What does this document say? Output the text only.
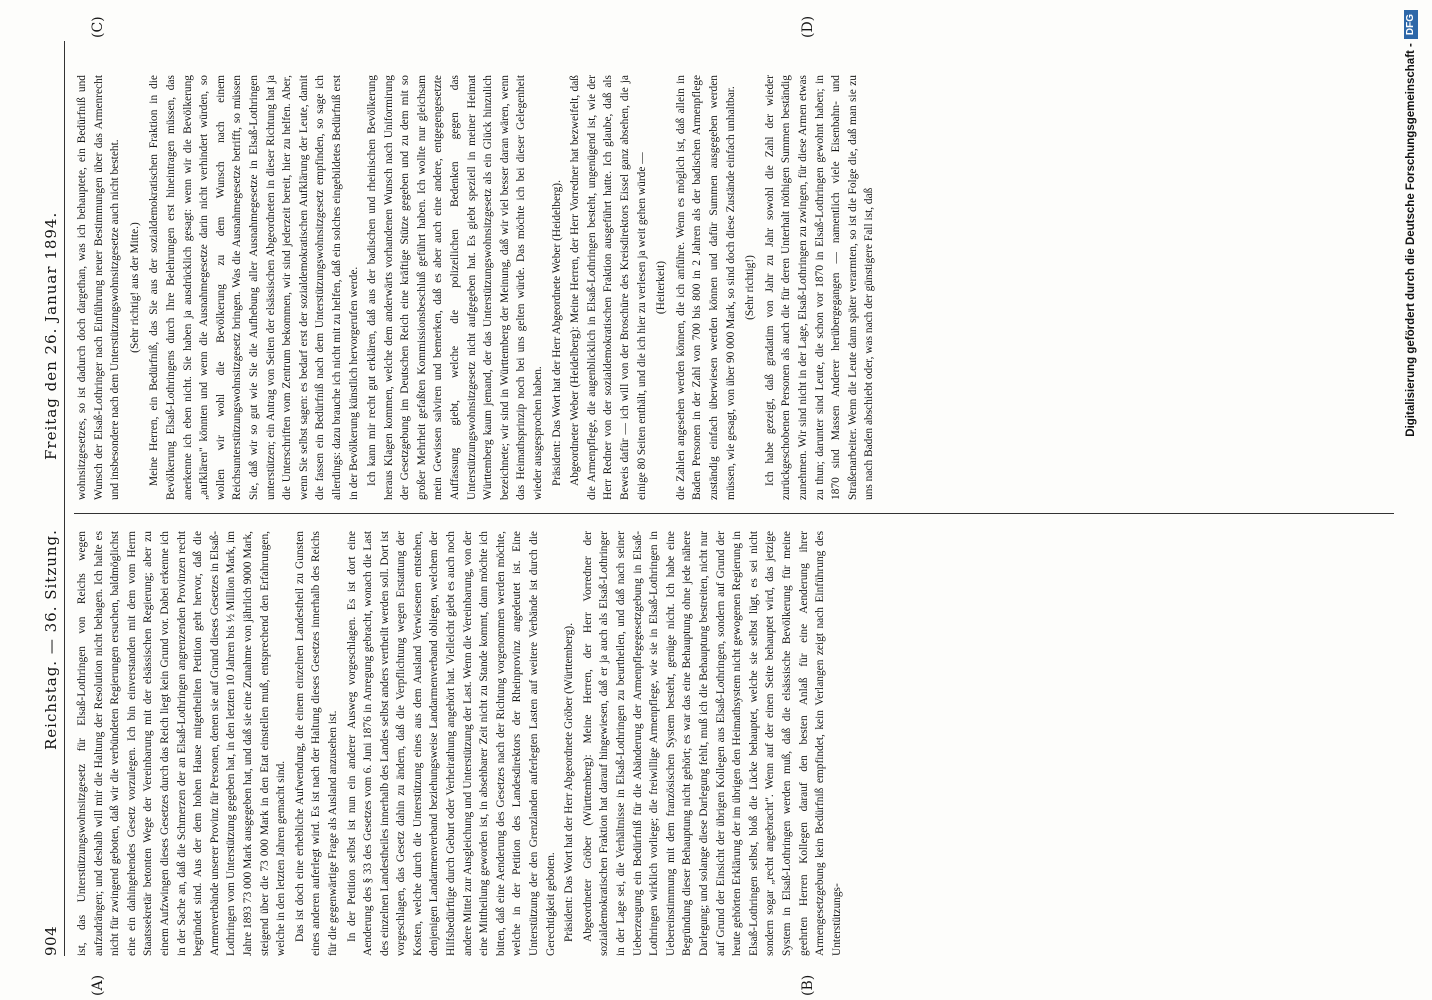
904
Reichstag. — 36. Sitzung.
Freitag den 26. Januar 1894.
(A)	(B)
(C)	(D)

ist, das Unterstützungswohnsitzgesetz für Elsaß-Lothringen von Reichs wegen aufzudrängen; und deshalb will mir die Haltung der Resolution nicht behagen. Ich halte es nicht für zwingend geboten, daß wir die verbündeten Regierungen ersuchen, baldmöglichst eine ein dahingehendes Gesetz vorzulegen. Ich bin einverstanden mit dem vom Herrn Staatssekretär betonten Wege der Vereinbarung mit der elsässischen Regierung; aber zu einem Aufzwingen dieses Gesetzes durch das Reich liegt kein Grund vor. Dabei erkenne ich in der Sache an, daß die Schmerzen der an Elsaß-Lothringen angrenzenden Provinzen recht begründet sind. Aus der dem hohen Hause mitgetheilten Petition geht hervor, daß die Armenverbände unserer Provinz für Personen, denen sie auf Grund dieses Gesetzes in Elsaß-Lothringen vom Unterstützung gegeben hat, in den letzten 10 Jahren bis ½ Million Mark, im Jahre 1893 73 000 Mark ausgegeben hat, und daß sie eine Zunahme von jährlich 9000 Mark, steigend über die 73 000 Mark in den Etat einstellen muß, entsprechend den Erfahrungen, welche in den letzten Jahren gemacht sind. Das ist doch eine erhebliche Aufwendung, die einem einzelnen Landestheil zu Gunsten eines anderen auferlegt wird. Es ist nach der Haltung dieses Gesetzes innerhalb des Reichs für die gegenwärtige Frage als Ausland anzusehen ist. In der Petition selbst ist nun ein anderer Ausweg vorgeschlagen. Es ist dort eine Aenderung des § 33 des Gesetzes vom 6. Juni 1876 in Anregung gebracht, wonach die Last des einzelnen Landestheiles innerhalb des Landes selbst anders vertheilt werden soll. Dort ist vorgeschlagen, das Gesetz dahin zu ändern, daß die Verpflichtung wegen Erstattung der Kosten, welche durch die Unterstützung eines aus dem Ausland Verwiesenen entstehen, denjenigen Landarmenverband beziehungsweise Landarmenverband obliegen, welchem der Hilfsbedürftige durch Geburt oder Verheirathung angehört hat. Vielleicht giebt es auch noch andere Mittel zur Ausgleichung und Unterstützung der Last. Wenn die Vereinbarung, von der eine Mittheilung geworden ist, in absehbarer Zeit nicht zu Stande kommt, dann möchte ich bitten, daß eine Aenderung des Gesetzes nach der Richtung vorgenommen werden möchte, welche in der Petition des Landesdirektors der Rheinprovinz angedeutet ist. Eine Unterstützung der den Grenzlanden auferlegten Lasten auf weitere Verbände ist durch die Gerechtigkeit geboten. Präsident: Das Wort hat der Herr Abgeordnete Gröber (Württemberg). Abgeordneter Gröber (Württemberg): Meine Herren, der Herr Vorredner der sozialdemokratischen Fraktion hat darauf hingewiesen, daß er ja auch als Elsaß-Lothringer in der Lage sei, die Verhältnisse in Elsaß-Lothringen zu beurtheilen, und daß nach seiner Ueberzeugung ein Bedürfniß für die Abänderung der Armenpflegegesetzgebung in Elsaß-Lothringen wirklich vorliege; die freiwillige Armenpflege, wie sie in Elsaß-Lothringen in Uebereinstimmung mit dem französischen System besteht, genüge nicht. Ich habe eine Begründung dieser Behauptung nicht gehört; es war das eine Behauptung ohne jede nähere Darlegung; und solange diese Darlegung fehlt, muß ich die Behauptung bestreiten, nicht nur auf Grund der Einsicht der übrigen Kollegen aus Elsaß-Lothringen, sondern auf Grund der heute gehörten Erklärung der im übrigen den Heimathsystem nicht gewogenen Regierung in Elsaß-Lothringen selbst, bloß die Lücke behauptet, welche sie selbst lügt, es sei nicht sondern sogar „recht angebracht". Wenn auf der einen Seite behauptet wird, das jetzige System in Elsaß-Lothringen werden muß, daß die elsässische Bevölkerung für meine geehrten Herren Kollegen darauf den besten Anlaß für eine Aenderung ihrer Armengesetzgebung kein Bedürfniß empfindet, kein Verlangen zeigt nach Einführung des Unterstützungs-

wohnsitzgesetzes, so ist dadurch doch dargethan, was ich behauptete, ein Bedürfniß und Wunsch der Elsaß-Lothringer nach Einführung neuer Bestimmungen über das Armenrecht und insbesondere nach dem Unterstützungswohnsitzgesetze auch nicht besteht. (Sehr richtig! aus der Mitte.) Meine Herren, ein Bedürfniß, das Sie aus der sozialdemokratischen Fraktion in die Bevölkerung Elsaß-Lothringens durch Ihre Belehrungen erst hineintragen müssen, das anerkenne ich eben nicht. Sie haben ja ausdrücklich gesagt: wenn wir die Bevölkerung „aufklären" könnten und wenn die Ausnahmegesetze darin nicht verhindert würden, so wollen wir wohl die Bevölkerung zu dem Wunsch nach einem Reichsunterstützungswohnsitzgesetz bringen. Was die Ausnahmegesetze betrifft, so müssen Sie, daß wir so gut wie Sie die Aufhebung aller Ausnahmegesetze in Elsaß-Lothringen unterstützen; ein Antrag von Seiten der elsässischen Abgeordneten in dieser Richtung hat ja die Unterschriften vom Zentrum bekommen, wir sind jederzeit bereit, hier zu helfen. Aber, wenn Sie selbst sagen: es bedarf erst der sozialdemokratischen Aufklärung der Leute, damit die fassen ein Bedürfniß nach dem Unterstützungswohnsitzgesetz empfinden, so sage ich allerdings: dazu brauche ich nicht mit zu helfen, daß ein solches eingebildetes Bedürfniß erst in der Bevölkerung künstlich hervorgerufen werde. Ich kann mir recht gut erklären, daß aus der badischen und rheinischen Bevölkerung heraus Klagen kommen, welche dem anderwärts vorhandenen Wunsch nach Uniformirung der Gesetzgebung im Deutschen Reich eine kräftige Stütze gegeben und zu dem mit so großer Mehrheit gefaßten Kommissionsbeschluß geführt haben. Ich wollte nur gleichsam mein Gewissen salviren und bemerken, daß es aber auch eine andere, entgegengesetzte Auffassung giebt, welche die polizeilichen Bedenken gegen das Unterstützungswohnsitzgesetz nicht aufgegeben hat. Es giebt speziell in meiner Heimat Württemberg kaum jemand, der das Unterstützungswohnsitzgesetz als ein Glück hinzulich bezeichnete; wir sind in Württemberg der Meinung, daß wir viel besser daran wären, wenn das Heimathsprinzip noch bei uns gelten würde. Das möchte ich bei dieser Gelegenheit wieder ausgesprochen haben. Präsident: Das Wort hat der Herr Abgeordnete Weber (Heidelberg). Abgeordneter Weber (Heidelberg): Meine Herren, der Herr Vorredner hat bezweifelt, daß die Armenpflege, die augenblicklich in Elsaß-Lothringen besteht, ungenügend ist, wie der Herr Redner von der sozialdemokratischen Fraktion ausgeführt hatte. Ich glaube, daß als Beweis dafür — ich will von der Broschüre des Kreisdirektors Eissel ganz absehen, die ja einige 80 Seiten enthält, und die ich hier zu verlesen ja weit gehen würde — (Heiterkeit) die Zahlen angesehen werden können, die ich anführe. Wenn es möglich ist, daß allein in Baden Personen in der Zahl von 700 bis 800 in 2 Jahren als der badischen Armenpflege zuständig einfach überwiesen werden können und dafür Summen ausgegeben werden müssen, wie gesagt, von über 90 000 Mark, so sind doch diese Zustände einfach unhaltbar. (Sehr richtig!) Ich habe gezeigt, daß gradatim von Jahr zu Jahr sowohl die Zahl der wieder zurückgeschobenen Personen als auch die für deren Unterhalt nöthigen Summen beständig zunehmen. Wir sind nicht in der Lage, Elsaß-Lothringen zu zwingen, für diese Armen etwas zu thun; darunter sind Leute, die schon vor 1870 in Elsaß-Lothringen gewohnt haben; in 1870 sind Massen Anderer herübergegangen — namentlich viele Eisenbahn- und Straßenarbeiter. Wenn die Leute dann später verarmten, so ist die Folge die, daß man sie zu uns nach Baden abschiebt oder, was nach der günstigere Fall ist, daß	Digitalisierung gefördert durch die Deutsche Forschungsgemeinschaft -DFG
